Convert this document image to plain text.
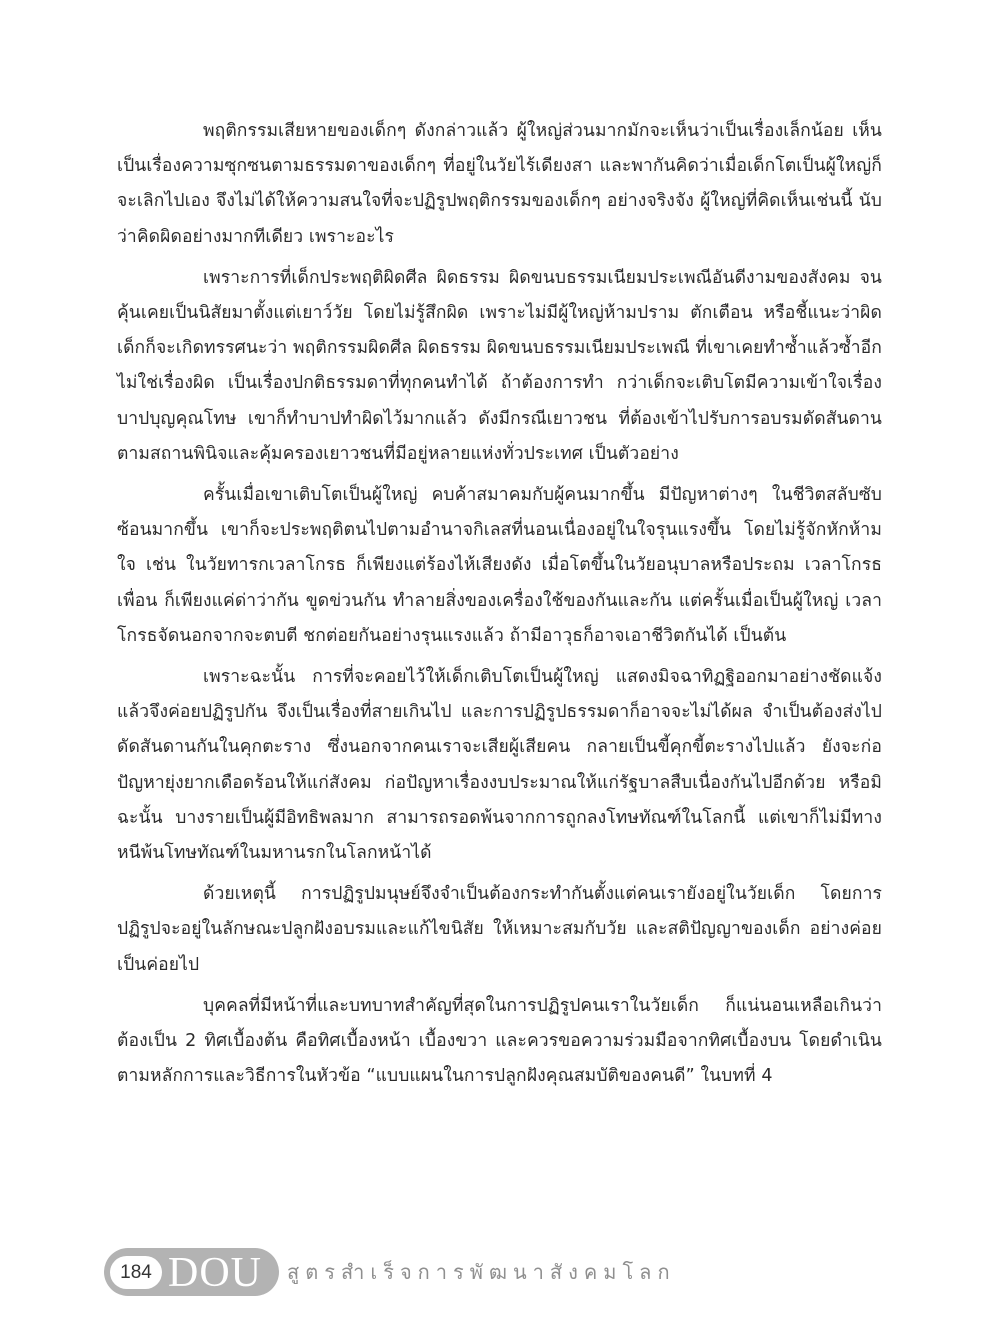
พฤติกรรมเสียหายของเด็กๆ ดังกล่าวแล้ว ผู้ใหญ่ส่วนมากมักจะเห็นว่าเป็นเรื่องเล็กน้อย เห็นเป็นเรื่องความซุกซนตามธรรมดาของเด็กๆ ที่อยู่ในวัยไร้เดียงสา และพากันคิดว่าเมื่อเด็กโตเป็นผู้ใหญ่ก็จะเลิกไปเอง จึงไม่ได้ให้ความสนใจที่จะปฏิรูปพฤติกรรมของเด็กๆ อย่างจริงจัง ผู้ใหญ่ที่คิดเห็นเช่นนี้ นับว่าคิดผิดอย่างมากทีเดียว เพราะอะไร

เพราะการที่เด็กประพฤติผิดศีล ผิดธรรม ผิดขนบธรรมเนียมประเพณีอันดีงามของสังคม จนคุ้นเคยเป็นนิสัยมาตั้งแต่เยาว์วัย โดยไม่รู้สึกผิด เพราะไม่มีผู้ใหญ่ห้ามปราม ตักเตือน หรือชี้แนะว่าผิด เด็กก็จะเกิดทรรศนะว่า พฤติกรรมผิดศีล ผิดธรรม ผิดขนบธรรมเนียมประเพณี ที่เขาเคยทำซ้ำแล้วซ้ำอีก ไม่ใช่เรื่องผิด เป็นเรื่องปกติธรรมดาที่ทุกคนทำได้ ถ้าต้องการทำ กว่าเด็กจะเติบโตมีความเข้าใจเรื่องบาปบุญคุณโทษ เขาก็ทำบาปทำผิดไว้มากแล้ว ดังมีกรณีเยาวชน ที่ต้องเข้าไปรับการอบรมดัดสันดาน ตามสถานพินิจและคุ้มครองเยาวชนที่มีอยู่หลายแห่งทั่วประเทศ เป็นตัวอย่าง

ครั้นเมื่อเขาเติบโตเป็นผู้ใหญ่ คบค้าสมาคมกับผู้คนมากขึ้น มีปัญหาต่างๆ ในชีวิตสลับซับซ้อนมากขึ้น เขาก็จะประพฤติตนไปตามอำนาจกิเลสที่นอนเนื่องอยู่ในใจรุนแรงขึ้น โดยไม่รู้จักหักห้ามใจ เช่น ในวัยทารกเวลาโกรธ ก็เพียงแต่ร้องไห้เสียงดัง เมื่อโตขึ้นในวัยอนุบาลหรือประถม เวลาโกรธเพื่อน ก็เพียงแค่ด่าว่ากัน ขูดข่วนกัน ทำลายสิ่งของเครื่องใช้ของกันและกัน แต่ครั้นเมื่อเป็นผู้ใหญ่ เวลาโกรธจัดนอกจากจะตบตี ชกต่อยกันอย่างรุนแรงแล้ว ถ้ามีอาวุธก็อาจเอาชีวิตกันได้ เป็นต้น

เพราะฉะนั้น การที่จะคอยไว้ให้เด็กเติบโตเป็นผู้ใหญ่ แสดงมิจฉาทิฏฐิออกมาอย่างชัดแจ้งแล้วจึงค่อยปฏิรูปกัน จึงเป็นเรื่องที่สายเกินไป และการปฏิรูปธรรมดาก็อาจจะไม่ได้ผล จำเป็นต้องส่งไปดัดสันดานกันในคุกตะราง ซึ่งนอกจากคนเราจะเสียผู้เสียคน กลายเป็นขี้คุกขี้ตะรางไปแล้ว ยังจะก่อปัญหายุ่งยากเดือดร้อนให้แก่สังคม ก่อปัญหาเรื่องงบประมาณให้แก่รัฐบาลสืบเนื่องกันไปอีกด้วย หรือมิฉะนั้น บางรายเป็นผู้มีอิทธิพลมาก สามารถรอดพ้นจากการถูกลงโทษทัณฑ์ในโลกนี้ แต่เขาก็ไม่มีทางหนีพ้นโทษทัณฑ์ในมหานรกในโลกหน้าได้

ด้วยเหตุนี้ การปฏิรูปมนุษย์จึงจำเป็นต้องกระทำกันตั้งแต่คนเรายังอยู่ในวัยเด็ก โดยการปฏิรูปจะอยู่ในลักษณะปลูกฝังอบรมและแก้ไขนิสัย ให้เหมาะสมกับวัย และสติปัญญาของเด็ก อย่างค่อยเป็นค่อยไป

บุคคลที่มีหน้าที่และบทบาทสำคัญที่สุดในการปฏิรูปคนเราในวัยเด็ก ก็แน่นอนเหลือเกินว่า ต้องเป็น 2 ทิศเบื้องต้น คือทิศเบื้องหน้า เบื้องขวา และควรขอความร่วมมือจากทิศเบื้องบน โดยดำเนินตามหลักการและวิธีการในหัวข้อ “แบบแผนในการปลูกฝังคุณสมบัติของคนดี” ในบทที่ 4

184 DOU สูตรสำเร็จการพัฒนาสังคมโลก
